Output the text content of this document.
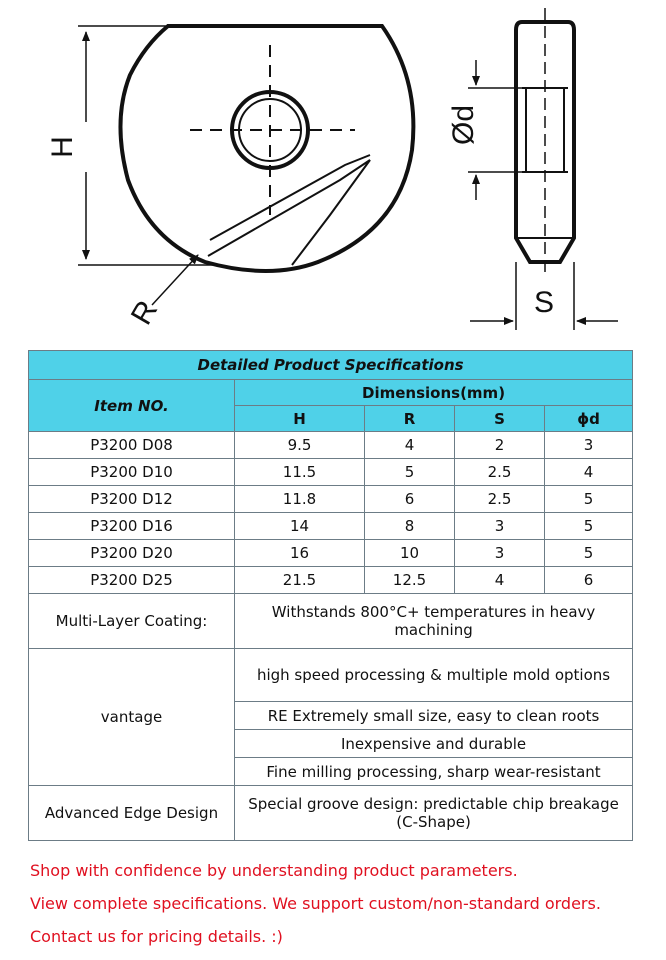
H
R
Ød
S
Detailed Product Specifications				
Item NO.	Dimensions(mm)			
	H	R	S	ϕd
P3200 D08	9.5	4	2	3
P3200 D10	11.5	5	2.5	4
P3200 D12	11.8	6	2.5	5
P3200 D16	14	8	3	5
P3200 D20	16	10	3	5
P3200 D25	21.5	12.5	4	6
Multi-Layer Coating:	Withstands 800°C+ temperatures in heavy machining			
vantage	high speed processing & multiple mold options			
	RE Extremely small size, easy to clean roots			
	Inexpensive and durable			
	Fine milling processing, sharp wear-resistant			
Advanced Edge Design	Special groove design: predictable chip breakage (C-Shape)			
Shop with confidence by understanding product parameters.
View complete specifications. We support custom/non-standard orders.
Contact us for pricing details. :)
